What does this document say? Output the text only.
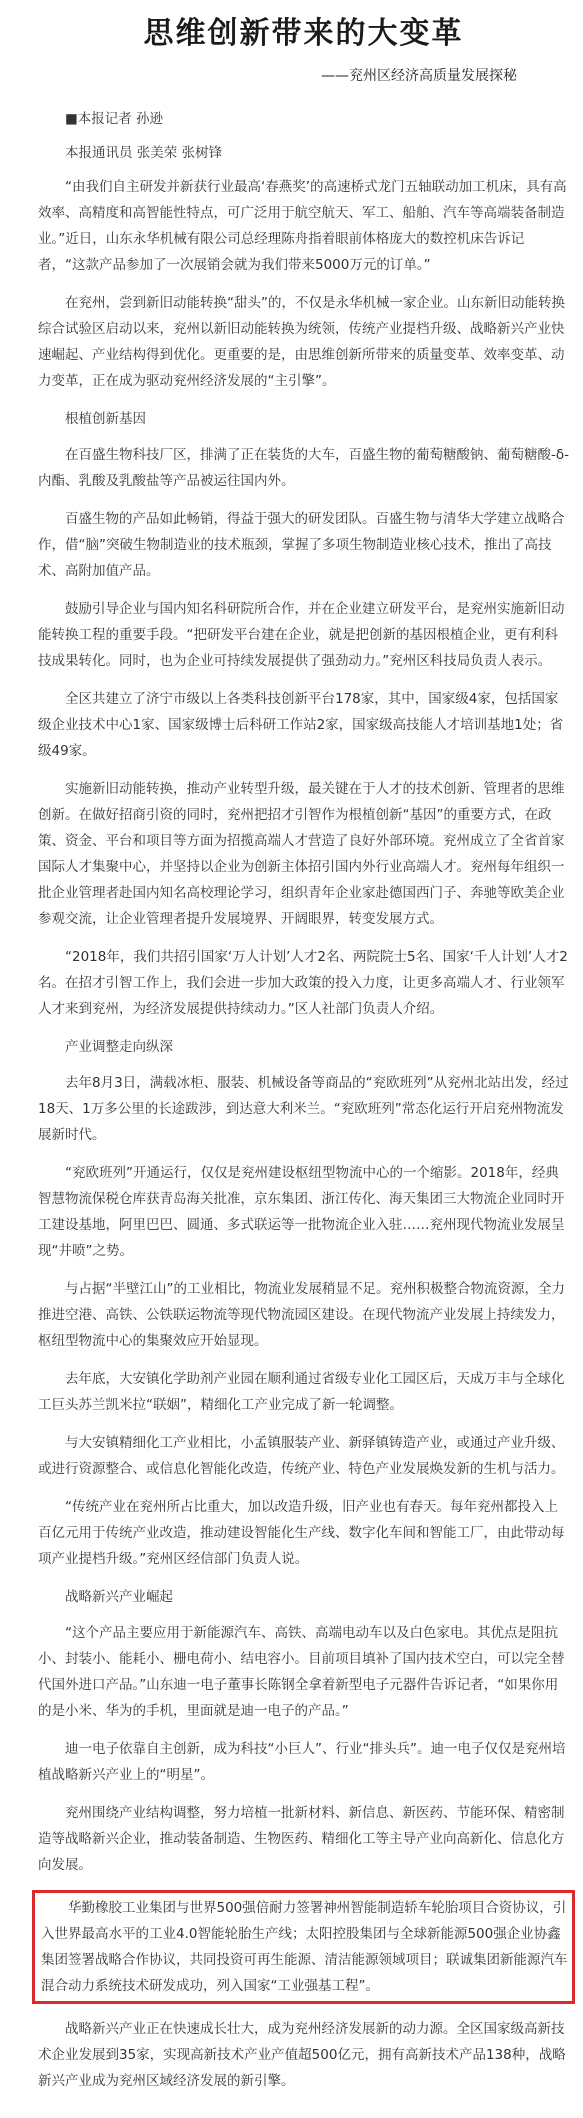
思维创新带来的大变革
——兖州区经济高质量发展探秘

■本报记者 孙逊

本报通讯员 张美荣 张树锋

“由我们自主研发并新获行业最高‘春燕奖’的高速桥式龙门五轴联动加工机床，具有高效率、高精度和高智能性特点，可广泛用于航空航天、军工、船舶、汽车等高端装备制造业。”近日，山东永华机械有限公司总经理陈舟指着眼前体格庞大的数控机床告诉记者，“这款产品参加了一次展销会就为我们带来5000万元的订单。”

在兖州，尝到新旧动能转换“甜头”的，不仅是永华机械一家企业。山东新旧动能转换综合试验区启动以来，兖州以新旧动能转换为统领，传统产业提档升级、战略新兴产业快速崛起、产业结构得到优化。更重要的是，由思维创新所带来的质量变革、效率变革、动力变革，正在成为驱动兖州经济发展的“主引擎”。

根植创新基因

在百盛生物科技厂区，排满了正在装货的大车，百盛生物的葡萄糖酸钠、葡萄糖酸-δ-内酯、乳酸及乳酸盐等产品被运往国内外。

百盛生物的产品如此畅销，得益于强大的研发团队。百盛生物与清华大学建立战略合作，借“脑”突破生物制造业的技术瓶颈，掌握了多项生物制造业核心技术，推出了高技术、高附加值产品。

鼓励引导企业与国内知名科研院所合作，并在企业建立研发平台，是兖州实施新旧动能转换工程的重要手段。“把研发平台建在企业，就是把创新的基因根植企业，更有利科技成果转化。同时，也为企业可持续发展提供了强劲动力。”兖州区科技局负责人表示。

全区共建立了济宁市级以上各类科技创新平台178家，其中，国家级4家，包括国家级企业技术中心1家、国家级博士后科研工作站2家，国家级高技能人才培训基地1处；省级49家。

实施新旧动能转换，推动产业转型升级，最关键在于人才的技术创新、管理者的思维创新。在做好招商引资的同时，兖州把招才引智作为根植创新“基因”的重要方式，在政策、资金、平台和项目等方面为招揽高端人才营造了良好外部环境。兖州成立了全省首家国际人才集聚中心，并坚持以企业为创新主体招引国内外行业高端人才。兖州每年组织一批企业管理者赴国内知名高校理论学习，组织青年企业家赴德国西门子、奔驰等欧美企业参观交流，让企业管理者提升发展境界、开阔眼界，转变发展方式。

“2018年，我们共招引国家‘万人计划’人才2名、两院院士5名、国家‘千人计划’人才2名。在招才引智工作上，我们会进一步加大政策的投入力度，让更多高端人才、行业领军人才来到兖州，为经济发展提供持续动力。”区人社部门负责人介绍。

产业调整走向纵深

去年8月3日，满载冰柜、服装、机械设备等商品的“兖欧班列”从兖州北站出发，经过18天、1万多公里的长途跋涉，到达意大利米兰。“兖欧班列”常态化运行开启兖州物流发展新时代。

“兖欧班列”开通运行，仅仅是兖州建设枢纽型物流中心的一个缩影。2018年，经典智慧物流保税仓库获青岛海关批准，京东集团、浙江传化、海天集团三大物流企业同时开工建设基地，阿里巴巴、圆通、多式联运等一批物流企业入驻……兖州现代物流业发展呈现“井喷”之势。

与占据“半壁江山”的工业相比，物流业发展稍显不足。兖州积极整合物流资源，全力推进空港、高铁、公铁联运物流等现代物流园区建设。在现代物流产业发展上持续发力，枢纽型物流中心的集聚效应开始显现。

去年底，大安镇化学助剂产业园在顺利通过省级专业化工园区后，天成万丰与全球化工巨头苏兰凯米拉“联姻”，精细化工产业完成了新一轮调整。

与大安镇精细化工产业相比，小孟镇服装产业、新驿镇铸造产业，或通过产业升级、或进行资源整合、或信息化智能化改造，传统产业、特色产业发展焕发新的生机与活力。

“传统产业在兖州所占比重大，加以改造升级，旧产业也有春天。每年兖州都投入上百亿元用于传统产业改造，推动建设智能化生产线、数字化车间和智能工厂，由此带动每项产业提档升级。”兖州区经信部门负责人说。

战略新兴产业崛起

“这个产品主要应用于新能源汽车、高铁、高端电动车以及白色家电。其优点是阻抗小、封装小、能耗小、栅电荷小、结电容小。目前项目填补了国内技术空白，可以完全替代国外进口产品。”山东迪一电子董事长陈钢全拿着新型电子元器件告诉记者，“如果你用的是小米、华为的手机，里面就是迪一电子的产品。”

迪一电子依靠自主创新，成为科技“小巨人”、行业“排头兵”。迪一电子仅仅是兖州培植战略新兴产业上的“明星”。

兖州围绕产业结构调整，努力培植一批新材料、新信息、新医药、节能环保、精密制造等战略新兴企业，推动装备制造、生物医药、精细化工等主导产业向高新化、信息化方向发展。

华勤橡胶工业集团与世界500强倍耐力签署神州智能制造轿车轮胎项目合资协议，引入世界最高水平的工业4.0智能轮胎生产线；太阳控股集团与全球新能源500强企业协鑫集团签署战略合作协议，共同投资可再生能源、清洁能源领域项目；联诚集团新能源汽车混合动力系统技术研发成功，列入国家“工业强基工程”。

战略新兴产业正在快速成长壮大，成为兖州经济发展新的动力源。全区国家级高新技术企业发展到35家，实现高新技术产业产值超500亿元，拥有高新技术产品138种，战略新兴产业成为兖州区域经济发展的新引擎。
